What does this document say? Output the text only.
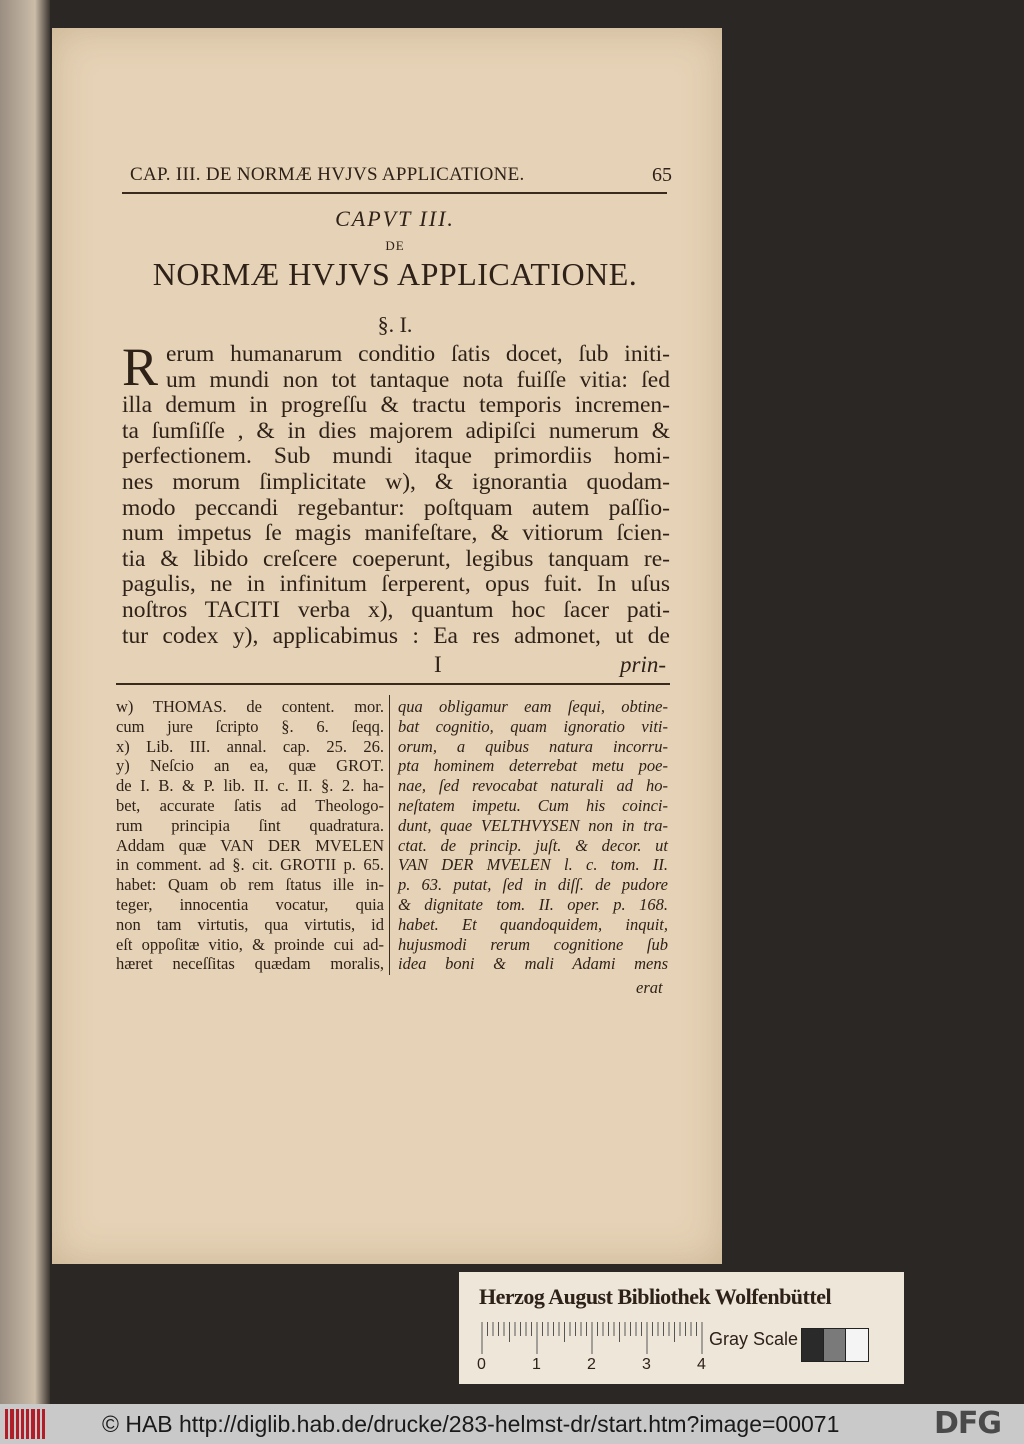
CAP. III. DE NORMÆ HVJVS APPLICATIONE.	65
CAPVT III.
DE
NORMÆ HVJVS APPLICATIONE.
§. I.
R erum humanarum conditio ſatis docet, ſub initi-
um mundi non tot tantaque nota fuiſſe vitia: ſed
illa demum in progreſſu & tractu temporis incremen-
ta ſumſiſſe , & in dies majorem adipiſci numerum &
perfectionem. Sub mundi itaque primordiis homi-
nes morum ſimplicitate w), & ignorantia quodam-
modo peccandi regebantur: poſtquam autem paſſio-
num impetus ſe magis manifeſtare, & vitiorum ſcien-
tia & libido creſcere coeperunt, legibus tanquam re-
pagulis, ne in infinitum ſerperent, opus fuit. In uſus
noſtros TACITI verba x), quantum hoc ſacer pati-
tur codex y), applicabimus : Ea res admonet, ut de
I	prin-
w) THOMAS. de content. mor.
cum jure ſcripto §. 6. ſeqq.
x) Lib. III. annal. cap. 25. 26.
y) Neſcio an ea, quæ GROT.
de I. B. & P. lib. II. c. II. §. 2. ha-
bet, accurate ſatis ad Theologo-
rum principia ſint quadratura.
Addam quæ VAN DER MVELEN
in comment. ad §. cit. GROTII p. 65.
habet: Quam ob rem ſtatus ille in-
teger, innocentia vocatur, quia
non tam virtutis, qua virtutis, id
eſt oppoſitæ vitio, & proinde cui ad-
hæret neceſſitas quædam moralis,
qua obligamur eam ſequi, obtine-
bat cognitio, quam ignoratio viti-
orum, a quibus natura incorru-
pta hominem deterrebat metu poe-
nae, ſed revocabat naturali ad ho-
neſtatem impetu. Cum his coinci-
dunt, quae VELTHVYSEN non in tra-
ctat. de princip. juſt. & decor. ut
VAN DER MVELEN l. c. tom. II.
p. 63. putat, ſed in diſſ. de pudore
& dignitate tom. II. oper. p. 168.
habet. Et quandoquidem, inquit,
hujusmodi rerum cognitione ſub
idea boni & mali Adami mens
erat
Herzog August Bibliothek Wolfenbüttel
0	1	2	3	4
Gray Scale
© HAB http://diglib.hab.de/drucke/283-helmst-dr/start.htm?image=00071	DFG
